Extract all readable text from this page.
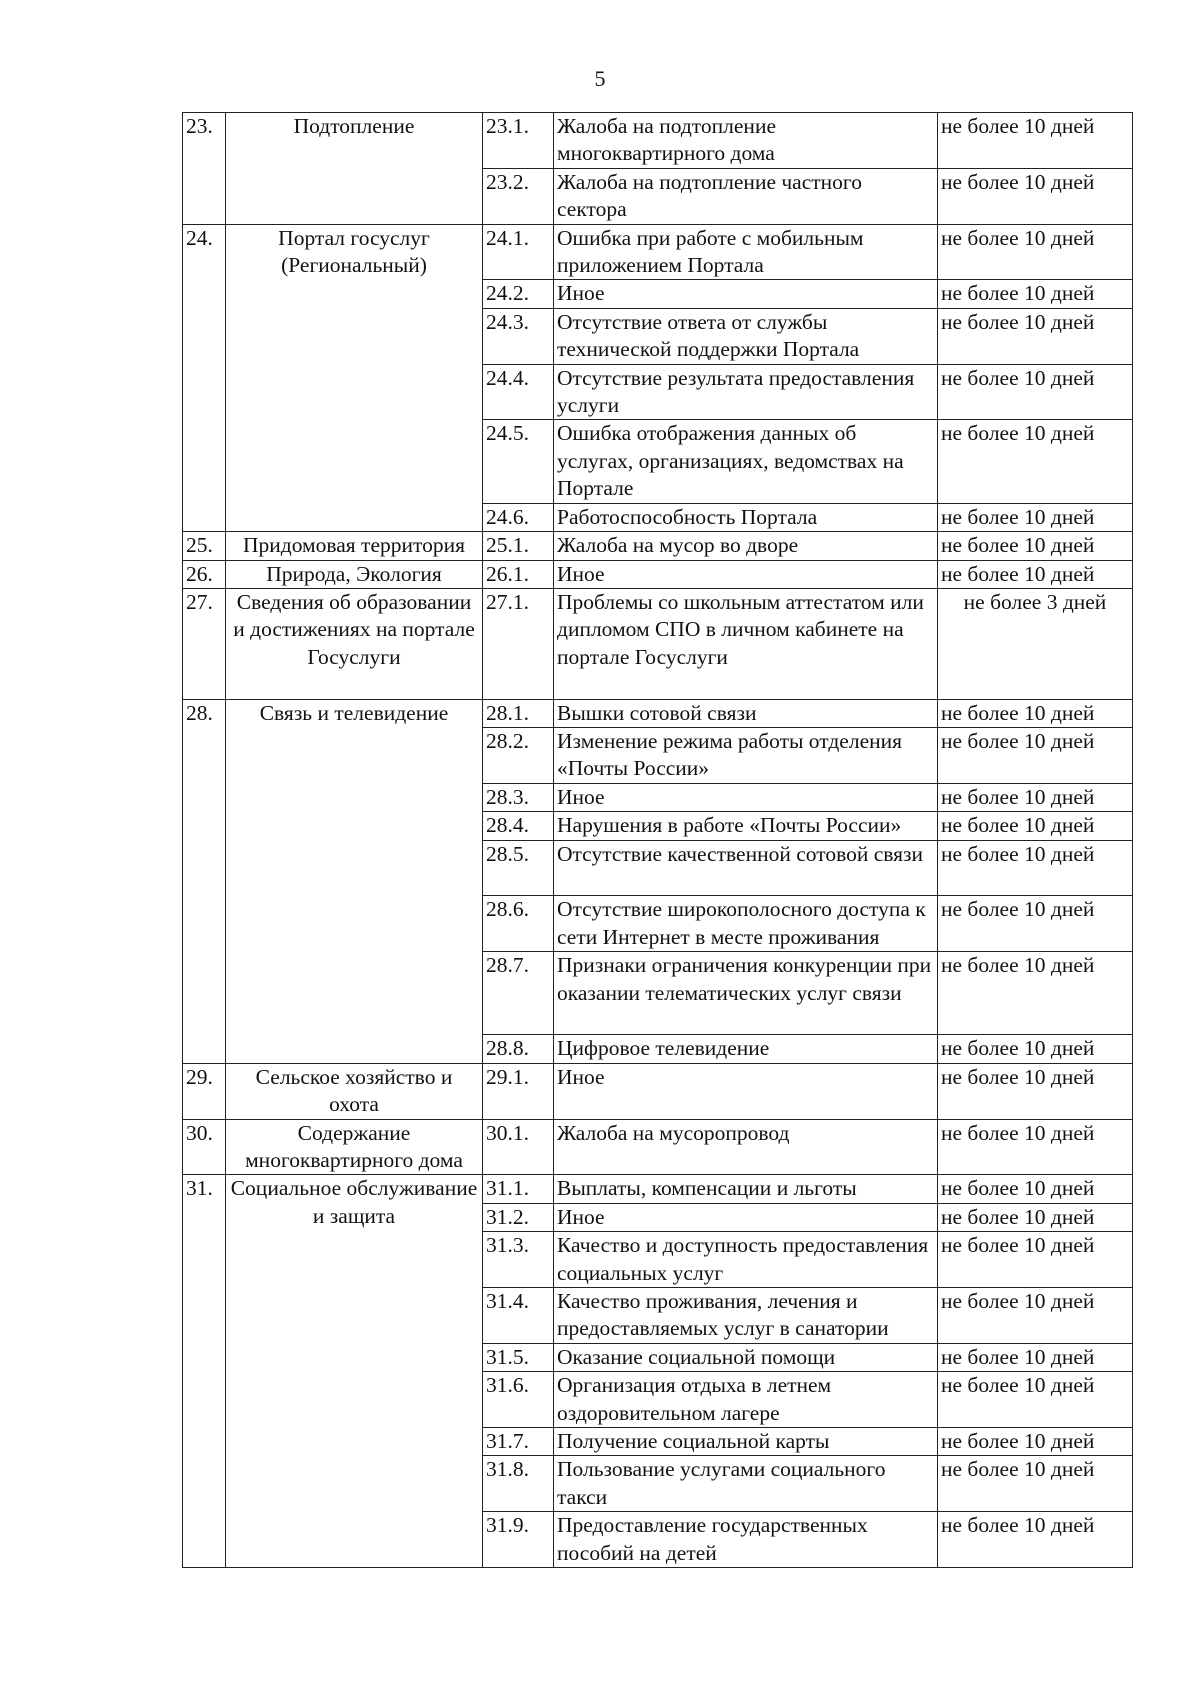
5
23.	Подтопление	23.1.	Жалоба на подтопление многоквартирного дома	не более 10 дней
		23.2.	Жалоба на подтопление частного сектора	не более 10 дней
24.	Портал госуслуг (Региональный)	24.1.	Ошибка при работе с мобильным приложением Портала	не более 10 дней
		24.2.	Иное	не более 10 дней
		24.3.	Отсутствие ответа от службы технической поддержки Портала	не более 10 дней
		24.4.	Отсутствие результата предоставления услуги	не более 10 дней
		24.5.	Ошибка отображения данных об услугах, организациях, ведомствах на Портале	не более 10 дней
		24.6.	Работоспособность Портала	не более 10 дней
25.	Придомовая территория	25.1.	Жалоба на мусор во дворе	не более 10 дней
26.	Природа, Экология	26.1.	Иное	не более 10 дней
27.	Сведения об образовании и достижениях на портале Госуслуги	27.1.	Проблемы со школьным аттестатом или дипломом СПО в личном кабинете на портале Госуслуги	не более 3 дней
28.	Связь и телевидение	28.1.	Вышки сотовой связи	не более 10 дней
		28.2.	Изменение режима работы отделения «Почты России»	не более 10 дней
		28.3.	Иное	не более 10 дней
		28.4.	Нарушения в работе «Почты России»	не более 10 дней
		28.5.	Отсутствие качественной сотовой связи	не более 10 дней
		28.6.	Отсутствие широкополосного доступа к сети Интернет в месте проживания	не более 10 дней
		28.7.	Признаки ограничения конкуренции при оказании телематических услуг связи	не более 10 дней
		28.8.	Цифровое телевидение	не более 10 дней
29.	Сельское хозяйство и охота	29.1.	Иное	не более 10 дней
30.	Содержание многоквартирного дома	30.1.	Жалоба на мусоропровод	не более 10 дней
31.	Социальное обслуживание и защита	31.1.	Выплаты, компенсации и льготы	не более 10 дней
		31.2.	Иное	не более 10 дней
		31.3.	Качество и доступность предоставления социальных услуг	не более 10 дней
		31.4.	Качество проживания, лечения и предоставляемых услуг в санатории	не более 10 дней
		31.5.	Оказание социальной помощи	не более 10 дней
		31.6.	Организация отдыха в летнем оздоровительном лагере	не более 10 дней
		31.7.	Получение социальной карты	не более 10 дней
		31.8.	Пользование услугами социального такси	не более 10 дней
		31.9.	Предоставление государственных пособий на детей	не более 10 дней
